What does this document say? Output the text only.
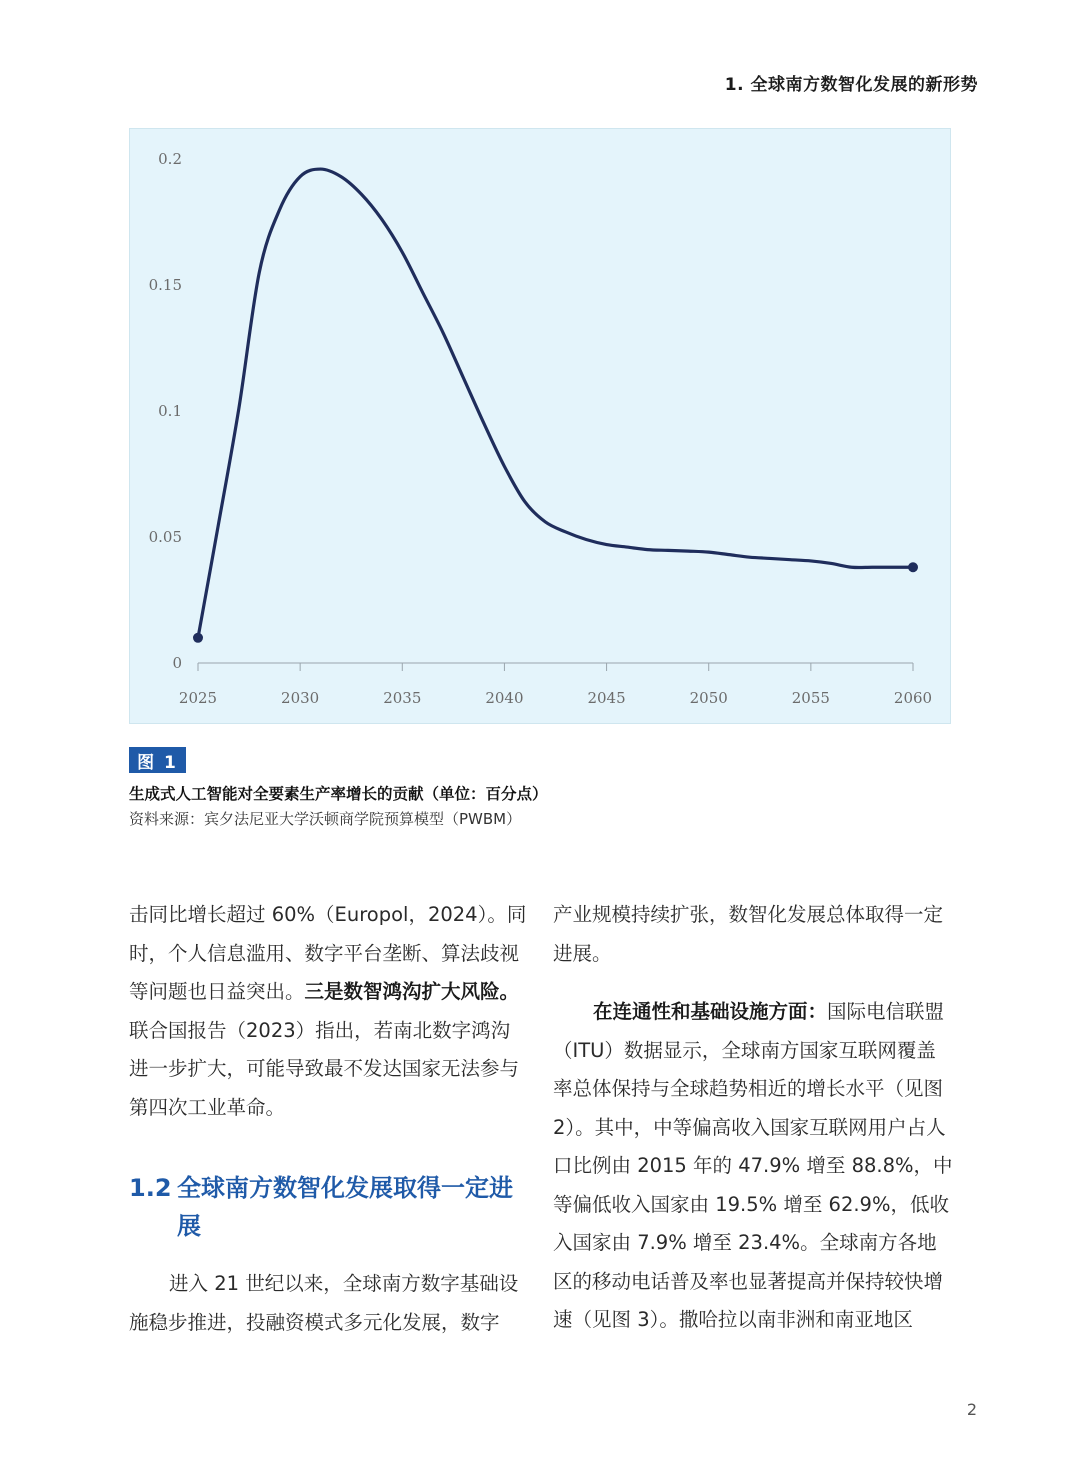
1. 全球南方数智化发展的新形势
2025	2030	2035	2040	2045	2050	2055	2060
0
0.05
0.1
0.15
0.2
图 1
生成式人工智能对全要素生产率增长的贡献（单位：百分点）
资料来源：宾夕法尼亚大学沃顿商学院预算模型（PWBM）

击同比增长超过 60%（Europol，2024）。同时，个人信息滥用、数字平台垄断、算法歧视等问题也日益突出。三是数智鸿沟扩大风险。联合国报告（2023）指出，若南北数字鸿沟进一步扩大，可能导致最不发达国家无法参与第四次工业革命。

1.2 全球南方数智化发展取得一定进展

进入 21 世纪以来，全球南方数字基础设施稳步推进，投融资模式多元化发展，数字

产业规模持续扩张，数智化发展总体取得一定进展。

在连通性和基础设施方面：国际电信联盟（ITU）数据显示，全球南方国家互联网覆盖率总体保持与全球趋势相近的增长水平（见图 2）。其中，中等偏高收入国家互联网用户占人口比例由 2015 年的 47.9% 增至 88.8%，中等偏低收入国家由 19.5% 增至 62.9%，低收入国家由 7.9% 增至 23.4%。全球南方各地区的移动电话普及率也显著提高并保持较快增速（见图 3）。撒哈拉以南非洲和南亚地区

2
